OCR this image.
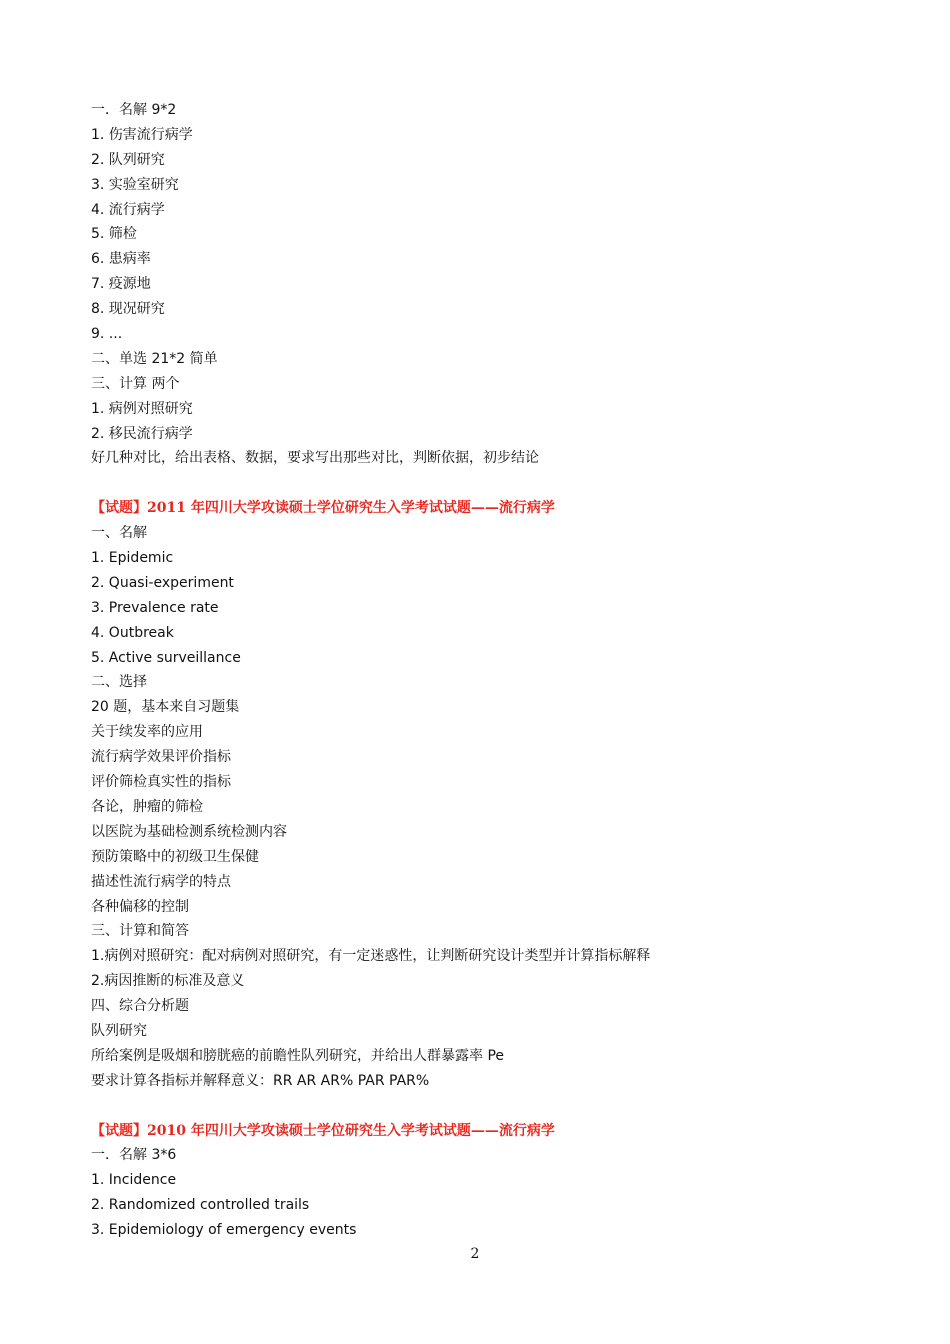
一．名解 9*2
1. 伤害流行病学
2. 队列研究
3. 实验室研究
4. 流行病学
5. 筛检
6. 患病率
7. 疫源地
8. 现况研究
9. ...
二、单选 21*2 简单
三、计算 两个
1. 病例对照研究
2. 移民流行病学
好几种对比，给出表格、数据，要求写出那些对比，判断依据，初步结论
【试题】2011 年四川大学攻读硕士学位研究生入学考试试题——流行病学
一、名解
1. Epidemic
2. Quasi-experiment
3. Prevalence rate
4. Outbreak
5. Active surveillance
二、选择
20 题，基本来自习题集
关于续发率的应用
流行病学效果评价指标
评价筛检真实性的指标
各论，肿瘤的筛检
以医院为基础检测系统检测内容
预防策略中的初级卫生保健
描述性流行病学的特点
各种偏移的控制
三、计算和简答
1.病例对照研究：配对病例对照研究，有一定迷惑性，让判断研究设计类型并计算指标解释
2.病因推断的标准及意义
四、综合分析题
队列研究
所给案例是吸烟和膀胱癌的前瞻性队列研究，并给出人群暴露率 Pe
要求计算各指标并解释意义：RR AR AR% PAR PAR%
【试题】2010 年四川大学攻读硕士学位研究生入学考试试题——流行病学
一．名解 3*6
1. Incidence
2. Randomized controlled trails
3. Epidemiology of emergency events
2
